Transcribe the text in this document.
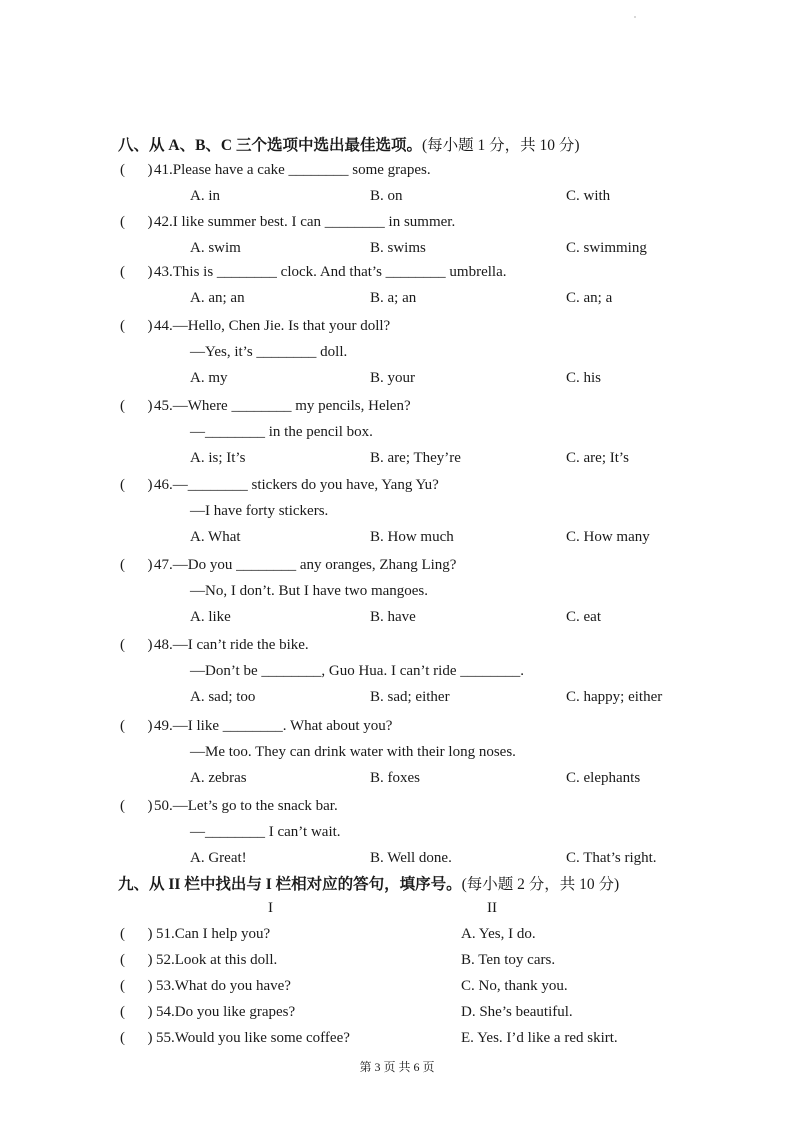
八、从 A、B、C 三个选项中选出最佳选项。(每小题 1 分，共 10 分)
( ) 41.Please have a cake ________ some grapes.
A. in	B. on	C. with
( ) 42.I like summer best. I can ________ in summer.
A. swim	B. swims	C. swimming
( ) 43.This is ________ clock. And that’s ________ umbrella.
A. an; an	B. a; an	C. an; a
( ) 44.—Hello, Chen Jie. Is that your doll?
—Yes, it’s ________ doll.
A. my	B. your	C. his
( ) 45.—Where ________ my pencils, Helen?
—________ in the pencil box.
A. is; It’s	B. are; They’re	C. are; It’s
( ) 46.—________ stickers do you have, Yang Yu?
—I have forty stickers.
A. What	B. How much	C. How many
( ) 47.—Do you ________ any oranges, Zhang Ling?
—No, I don’t. But I have two mangoes.
A. like	B. have	C. eat
( ) 48.—I can’t ride the bike.
—Don’t be ________, Guo Hua. I can’t ride ________.
A. sad; too	B. sad; either	C. happy; either
( ) 49.—I like ________. What about you?
—Me too. They can drink water with their long noses.
A. zebras	B. foxes	C. elephants
( ) 50.—Let’s go to the snack bar.
—________ I can’t wait.
A. Great!	B. Well done.	C. That’s right.
九、从 II 栏中找出与 I 栏相对应的答句，填序号。(每小题 2 分，共 10 分)
I	II
( ) 51.Can I help you?	A. Yes, I do.
( ) 52.Look at this doll.	B. Ten toy cars.
( ) 53.What do you have?	C. No, thank you.
( ) 54.Do you like grapes?	D. She’s beautiful.
( ) 55.Would you like some coffee?	E. Yes. I’d like a red skirt.
第 3 页 共 6 页
